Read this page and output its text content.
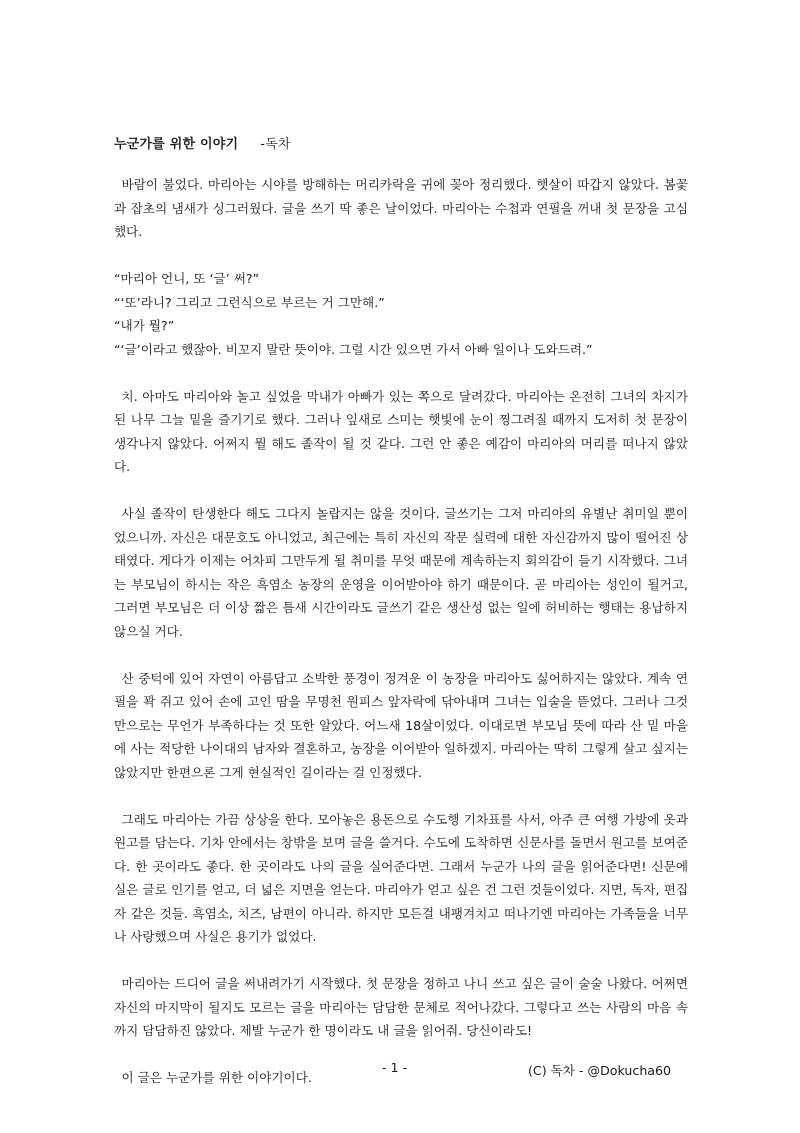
누군가를 위한 이야기 -독차

바람이 불었다. 마리아는 시야를 방해하는 머리카락을 귀에 꽂아 정리했다. 햇살이 따갑지 않았다. 봄꽃과 잡초의 냄새가 싱그러웠다. 글을 쓰기 딱 좋은 날이었다. 마리아는 수첩과 연필을 꺼내 첫 문장을 고심했다.

“마리아 언니, 또 ‘글’ 써?”

“‘또’라니? 그리고 그런식으로 부르는 거 그만해.”

“내가 뭘?”

“‘글’이라고 했잖아. 비꼬지 말란 뜻이야. 그럴 시간 있으면 가서 아빠 일이나 도와드려.”

치. 아마도 마리아와 놀고 싶었을 막내가 아빠가 있는 쪽으로 달려갔다. 마리아는 온전히 그녀의 차지가 된 나무 그늘 밑을 즐기기로 했다. 그러나 잎새로 스미는 햇빛에 눈이 찡그려질 때까지 도저히 첫 문장이 생각나지 않았다. 어쩌지 뭘 해도 졸작이 될 것 같다. 그런 안 좋은 예감이 마리아의 머리를 떠나지 않았다.

사실 졸작이 탄생한다 해도 그다지 놀랍지는 않을 것이다. 글쓰기는 그저 마리아의 유별난 취미일 뿐이었으니까. 자신은 대문호도 아니었고, 최근에는 특히 자신의 작문 실력에 대한 자신감까지 많이 떨어진 상태였다. 게다가 이제는 어차피 그만두게 될 취미를 무엇 때문에 계속하는지 회의감이 들기 시작했다. 그녀는 부모님이 하시는 작은 흑염소 농장의 운영을 이어받아야 하기 때문이다. 곧 마리아는 성인이 될거고, 그러면 부모님은 더 이상 짧은 틈새 시간이라도 글쓰기 같은 생산성 없는 일에 허비하는 행태는 용납하지 않으실 거다.

산 중턱에 있어 자연이 아름답고 소박한 풍경이 정겨운 이 농장을 마리아도 싫어하지는 않았다. 계속 연필을 꽉 쥐고 있어 손에 고인 땀을 무명천 원피스 앞자락에 닦아내며 그녀는 입술을 뜯었다. 그러나 그것만으로는 무언가 부족하다는 것 또한 알았다. 어느새 18살이었다. 이대로면 부모님 뜻에 따라 산 밑 마을에 사는 적당한 나이대의 남자와 결혼하고, 농장을 이어받아 일하겠지. 마리아는 딱히 그렇게 살고 싶지는 않았지만 한편으론 그게 현실적인 길이라는 걸 인정했다.

그래도 마리아는 가끔 상상을 한다. 모아놓은 용돈으로 수도행 기차표를 사서, 아주 큰 여행 가방에 옷과 원고를 담는다. 기차 안에서는 창밖을 보며 글을 쓸거다. 수도에 도착하면 신문사를 돌면서 원고를 보여준다. 한 곳이라도 좋다. 한 곳이라도 나의 글을 실어준다면. 그래서 누군가 나의 글을 읽어준다면! 신문에 실은 글로 인기를 얻고, 더 넓은 지면을 얻는다. 마리아가 얻고 싶은 건 그런 것들이었다. 지면, 독자, 편집자 같은 것들. 흑염소, 치즈, 남편이 아니라. 하지만 모든걸 내팽겨치고 떠나기엔 마리아는 가족들을 너무나 사랑했으며 사실은 용기가 없었다.

마리아는 드디어 글을 써내려가기 시작했다. 첫 문장을 정하고 나니 쓰고 싶은 글이 술술 나왔다. 어쩌면 자신의 마지막이 될지도 모르는 글을 마리아는 담담한 문체로 적어나갔다. 그렇다고 쓰는 사람의 마음 속까지 담담하진 않았다. 제발 누군가 한 명이라도 내 글을 읽어줘. 당신이라도!

이 글은 누군가를 위한 이야기이다.

- 1 -	(C) 독차 - @Dokucha60
